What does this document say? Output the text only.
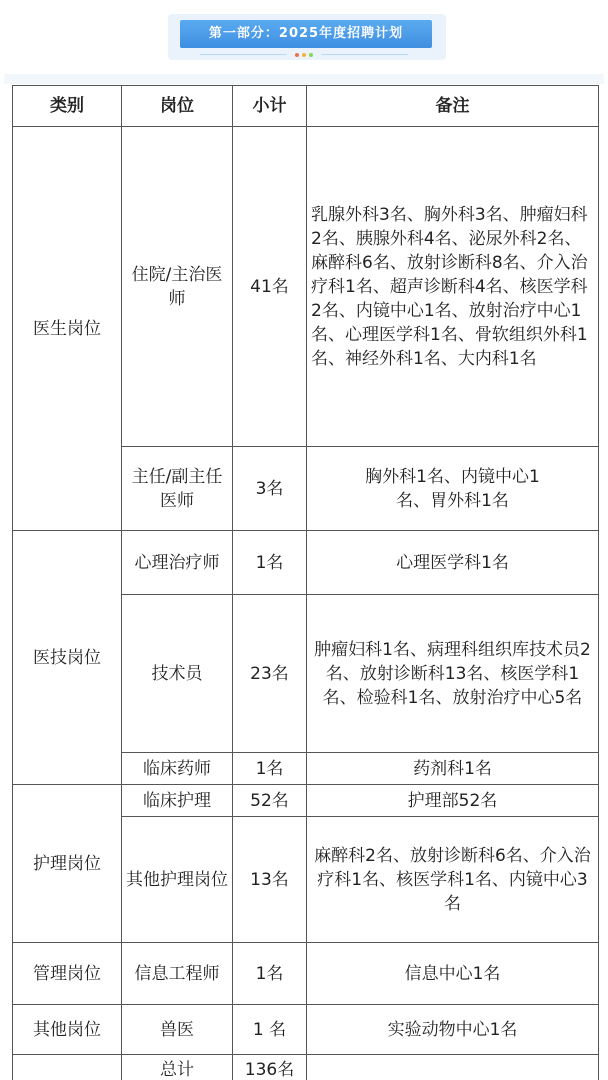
第一部分：2025年度招聘计划
类别	岗位	小计	备注
医生岗位	住院/主治医师	41名	乳腺外科3名、胸外科3名、肿瘤妇科2名、胰腺外科4名、泌尿外科2名、麻醉科6名、放射诊断科8名、介入治疗科1名、超声诊断科4名、核医学科2名、内镜中心1名、放射治疗中心1名、心理医学科1名、骨软组织外科1名、神经外科1名、大内科1名
	主任/副主任医师	3名	胸外科1名、内镜中心1名、胃外科1名
医技岗位	心理治疗师	1名	心理医学科1名
	技术员	23名	肿瘤妇科1名、病理科组织库技术员2名、放射诊断科13名、核医学科1名、检验科1名、放射治疗中心5名
	临床药师	1名	药剂科1名
护理岗位	临床护理	52名	护理部52名
	其他护理岗位	13名	麻醉科2名、放射诊断科6名、介入治疗科1名、核医学科1名、内镜中心3名
管理岗位	信息工程师	1名	信息中心1名
其他岗位	兽医	1 名	实验动物中心1名
	总计	136名	
